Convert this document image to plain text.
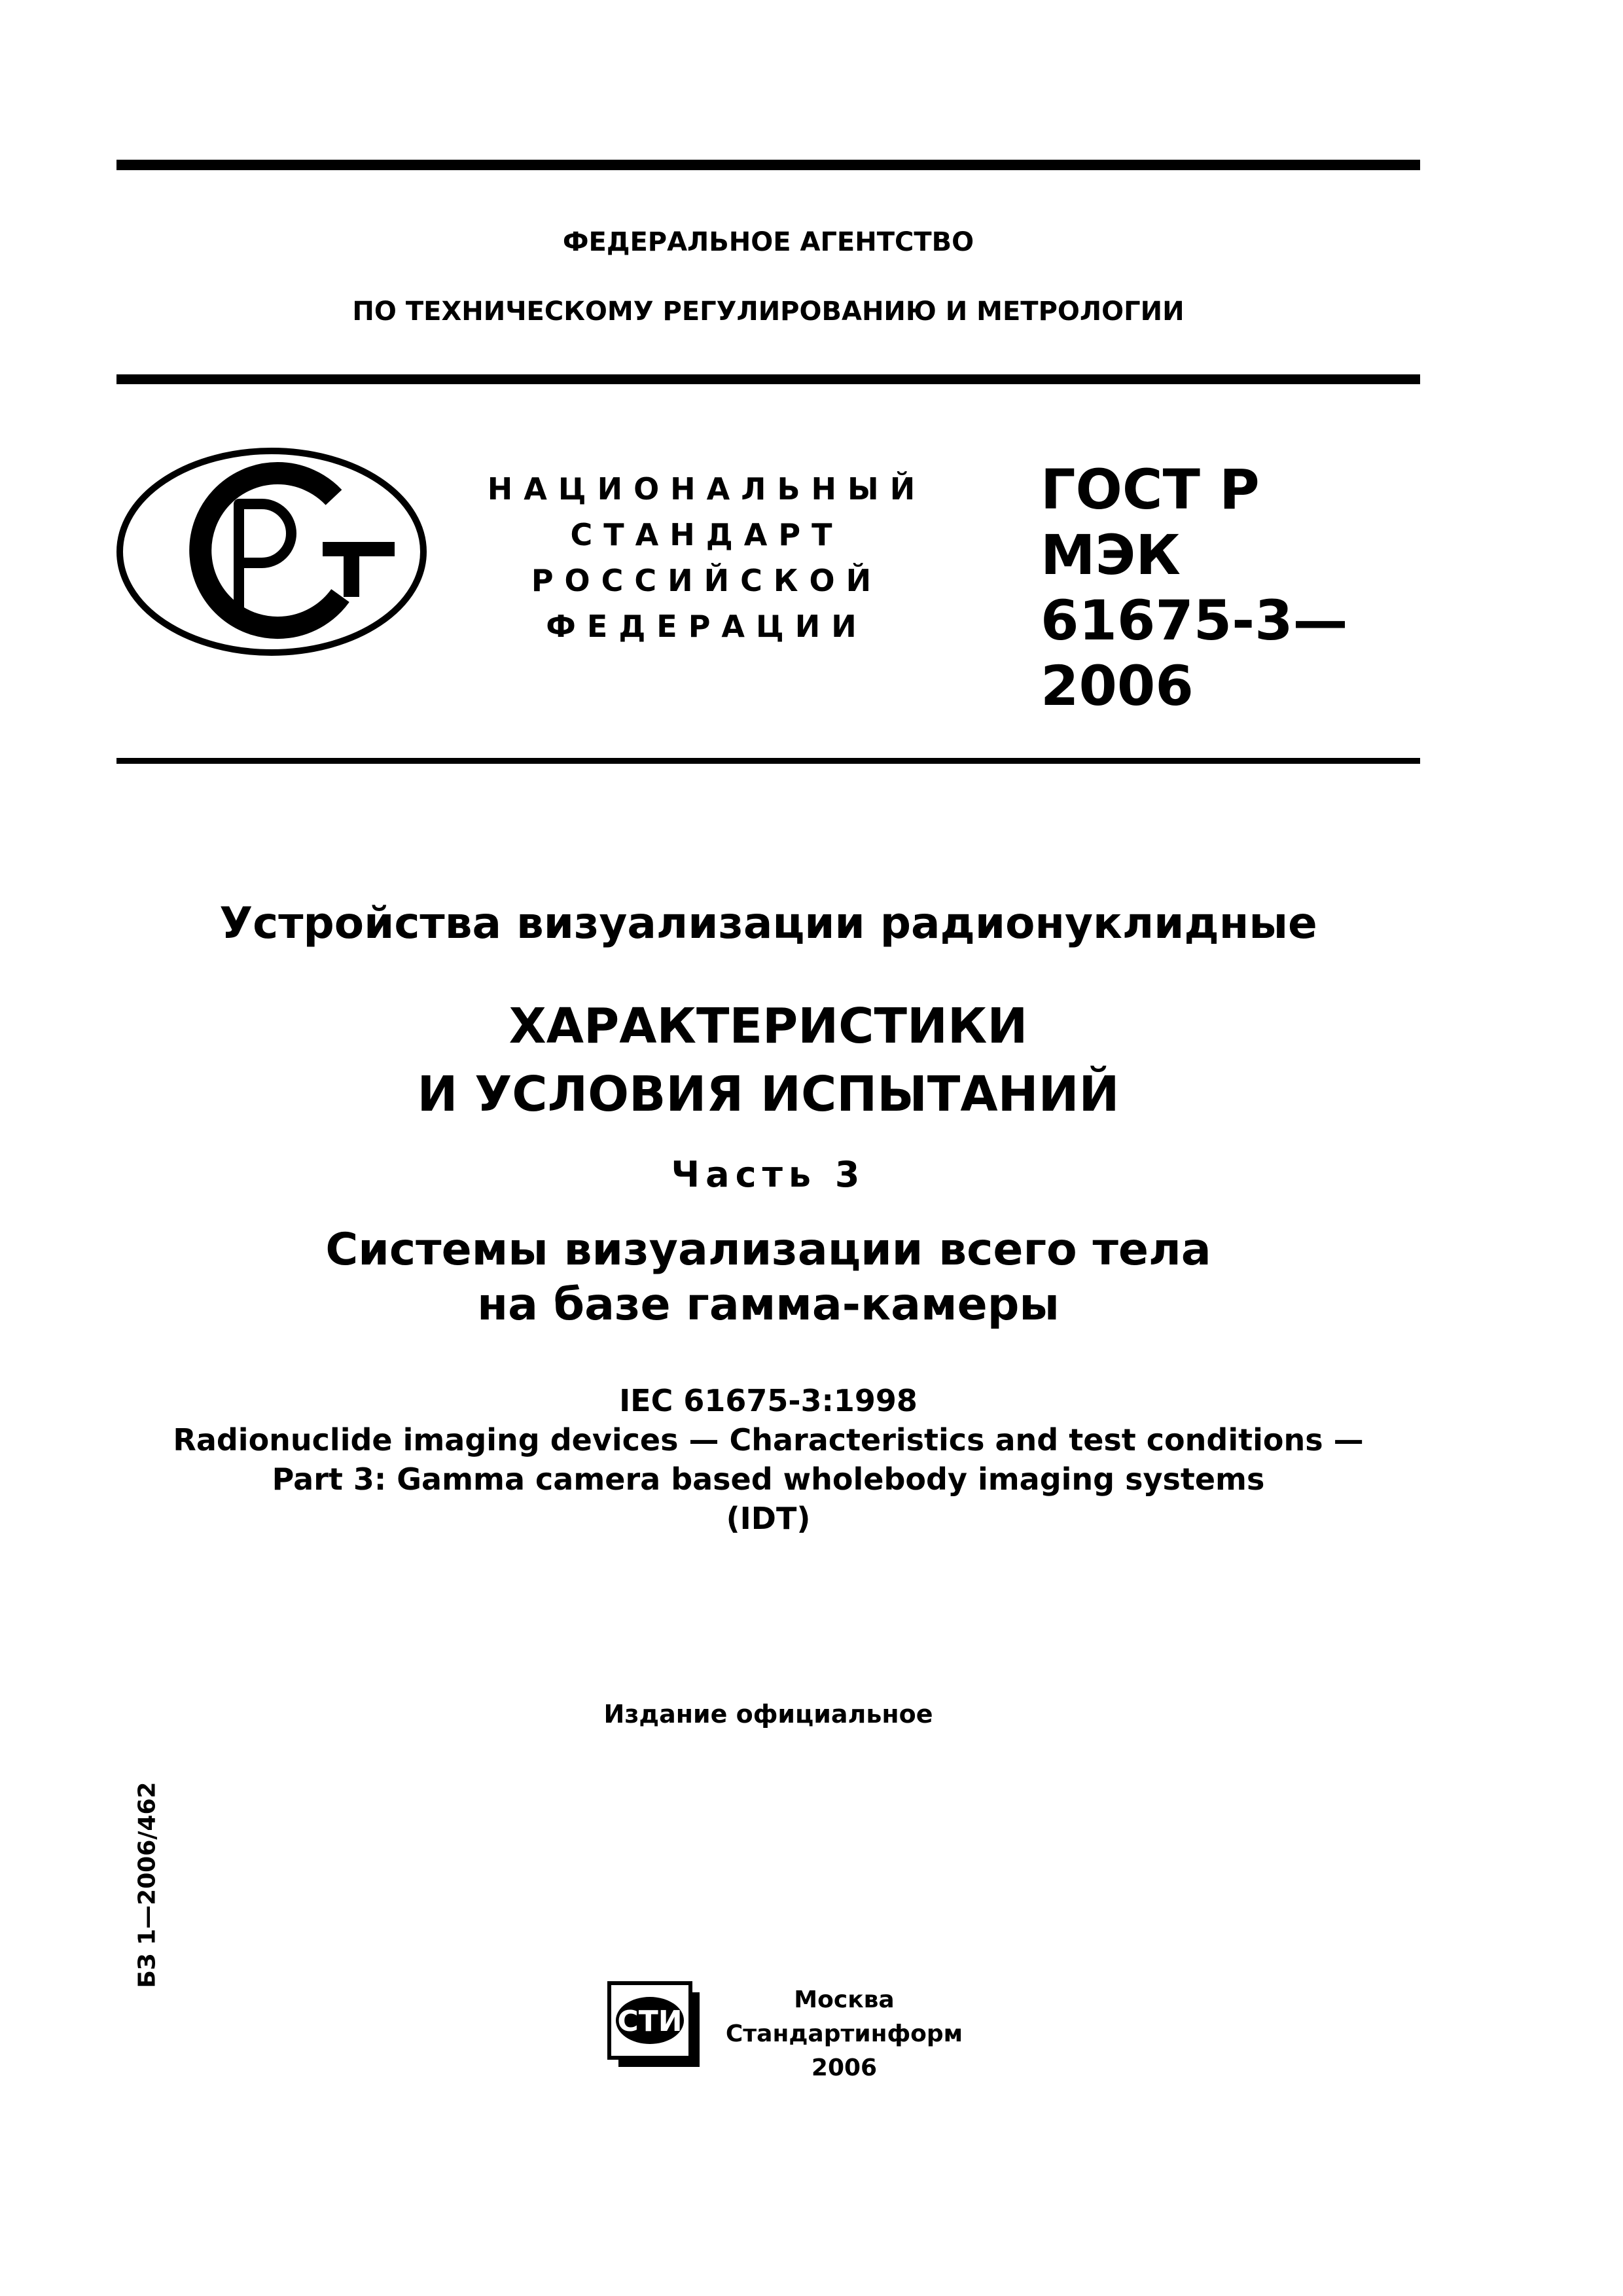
ФЕДЕРАЛЬНОЕ АГЕНТСТВО
ПО ТЕХНИЧЕСКОМУ РЕГУЛИРОВАНИЮ И МЕТРОЛОГИИ
НАЦИОНАЛЬНЫЙ
СТАНДАРТ
РОССИЙСКОЙ
ФЕДЕРАЦИИ
ГОСТ Р МЭК
61675-3—
2006
Устройства визуализации радионуклидные
ХАРАКТЕРИСТИКИ
И УСЛОВИЯ ИСПЫТАНИЙ
Часть 3
Системы визуализации всего тела
на базе гамма-камеры
IEC 61675-3:1998
Radionuclide imaging devices — Characteristics and test conditions —
Part 3: Gamma camera based wholebody imaging systems
(IDT)
Издание официальное
БЗ 1—2006/462
СТИ
Москва
Стандартинформ
2006
